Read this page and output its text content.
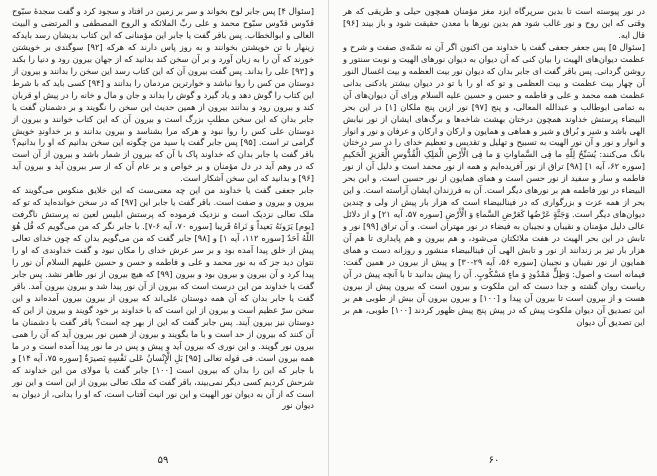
[سئوال ۴] پس جابر لوح بخواند و سر بر زمین در افتاد و سجود کرد و گفت سجدهٔ سبّوح قدّوس قدّوس سبّوح محمد و علی ربِّ الملائکه و الروح المصطفی و المرتضی و البیت العالی و ابوالخطاب. پس باقر گفت یا جابر این مؤمنانی که این کتاب بدیشان رسد بایدکه زینهار با تن خویشتن بخوانند و به روز پاس دارند که هرکه [۹۲] سوگندی بر خویشتن خورند که آن را به زبان آورد و بر آن سخن کند بدانید که از جهان بیرون رود و دنیا را بکند و [۹۳] علی را بداند. پس گفت بیرون آن که این کتاب رسد این سخن را بدانند و بیرون از دوستان من کس را روا نباشد و خوارترین مردمان را بدانند و [۹۴] کسی باید که با شرط این کتاب را گوش دهد و یاد گیرد و گوش را بداند و جان و مال و خانه را در پیش او قربان کند و بیرون رود و بدانند بیرون از همین حدیث این سخن را نگویند و بر دشمنان گفت یا جابر بدان که این سخن مطلبِ بزرگ است و بیرون آن که این کتاب خوانند و بیرون از دوستان علی کس را روا نبود و هرکه مرا بشناسد و بیرون بدانند و بر خداوندِ خویش گرامی تر است. [۹۵] پس جابر گفت یا سید من چگونه این سخن بدانیم که او را بدانیم؟ باقر گفت یا جابر بدان که خداوند پاک با آن که بیرون از شمار باشد و بیرون از آن است که در وهم آید در دل مؤمنان و بر خواص و بر عام آن که از سر بیرون آید و بیرون آید [۹۶] و بدانید که این سخن آشکار است.

جابر جعفی گفت یا خداوند من این چه معنی‌ست که این خلایق منکوس می‌گویند که بیرون و بیرون و صفت است. باقر گفت یا جابر این [۹۷] که در سخن خوانده‌اید که تو که ملک تعالی نزدیک است و نزدیک فرموده که پرستش ابلیس لعین نه پرستش ناگرفت [یوم] یَرَونَهُ بَعیداً وَ نَراهُ قَریبا [سوره ۷۰، آیه ۶-۷]. با جابر نگر که من می‌گویم که قُل هُوَ اللّهُ اَحَدٌ [سوره ۱۱۲، آیه ۱] و [۹۸] جابر گفت که من می‌گویم بدان که چون خدای تعالی پیش از خلق پیدا آمده بود و بر سر عرش خدای را مکان نبود و گفت خداوندی که او را نتوان دید جز که به نور محمد و علی و فاطمه و حسن و حسین علیهم السلام آن نور را پیدا کرد و آن بیرون و بیرون بود و بیرون [۹۹] که هیچ بیرون از نور ظاهر نشد. پس جابر گفت یا خداوند من این درست است که بیرون از آن نور پیدا شد و بیرون بیرون آمد. باقر گفت یا جابر بدان که آن همه دوستان علی‌اند که بیرون از بیرون بیرون آمده‌اند و این سخن سرّ عظیم است و بیرون از این است که با خداوند بر خود گویند و بیرون از این که دوستان نیز بیرون آیند. پس جابر گفت که این از بهر چه است؟ باقر گفت با دشمنان ما آن کنند که بیرون از حد است و با ما بگویند و بیرون از همین نور بیرون آید که آن را همی بیرون نور گویند. و این نوری که بیرون آید و پیش و پس در ما نور پیدا آمده است و در ما همه بیرون است. فی قوله تعالی [۹۵] بَلِ الْإِنْسانُ عَلی نَفْسِهِ بَصیرَةٌ [سوره ۷۵، آیه ۱۴] و با جابر که این را بدان که بیرون است [۱۰۰] جابر گفت یا مولای من این خداوند که شرحش کردیم کسی دیگر نمی‌بیند، باقر گفت که ملک تعالی بیرون از این است و این نور است که از آن به دیوان نور الهیت و این نور انیت آفتاب است، که او را بدانی، از دیوان به دیوان نور

۵۹

در نور پیوسته است تا بدین سرپرگاه ایزد مغز مؤمنان همچون حیلی و طریقی که هر وقتی که این روح و نور غالب شود هم بدین نورها با معدن حقیقت شود و باز بیند [۹۶] قال ایه.

[سئوال ۵] پس جعفر جعفی گفت یا خداوند من اکنون اگر آن نه شمّه‌ی صفت و شرح و عظمت دیوان‌های الهیت را بیان کنی که آن دیوان به دیوان نورهای الهیت و نوبت سنتور و روشن گردانی. پس باقر گفت ای جابر بدان که دیوان نور بیت العظمه و بیت اغسال النور آن چهار بیت عظمت و بیت العظمی و تو که او را با تو در دیوان بیشتر یادکنی بدانی عظمت همه محمد و علی و فاطمه و حسن و حسین علیه السلام ورای آن دیوان‌های آن به تمامی ابوطالب و عبدالله المعالی، و پنج [۹۷] نور ازین پنج ملکان [۱] در این بحر البیضاء پرستش خداوند همچون درختان بهشت شاخه‌ها و برگ‌های ایشان از نور نیابش الهی باشد و شیر و بُراق و شیر و هماهی و همایون و ارکان و ارکان و عرفان و نور و انوار و انوار و نور و آن نور الهیت به تسبیح و تهلیل و تقدیس و تعظیم خدای را در سر درختان بانگ می‌کنند: یُسَبِّحُ لِلّهِ ما فِی السَّماواتِ وَ ما فِی الْأَرْضِ الْمَلِکِ الْقُدُّوسِ الْعَزیزِ الْحَکیمِ [سوره ۶۲، آیه ۱] [۹۸] تراق از نور آفریده‌ایم و همه از نور محمد است و دلیل آن از نور فاطمه و سار و سفید از نور حسن است و همای همایون از نور حسین است. و این بحر البیضاء در نور فاطمه هم بر نورهای دیگر است. آن به فرزندان ایشان آراسته است. و این بحر از همه عزت و بزرگواری که در فینالبیضاء است که هزار بار پیش از ولی و چندین دیوان‌های دیگر است. وَجَنَّةٍ عَرْضُها کَعَرْضِ السَّماءِ وَ الْأَرْضِ [سوره ۵۷، آیه ۲۱] و از دلائل عالی دلیل مؤمنان و نقیبان و نجیبان به فیضاء در نور مهتران است. و آن تراق [۹۹] نور و تابش در این بحر الهیت در هفت ملائکتان می‌شود، و هم بیرون و هم پایداری تا هم آن هزار بار تیز بر زندانند از نور و تابش الهی آن فینالبیضاء منشور و روزانه دست و همای همایون از نور نقیبان و نجیبان [سوره ۵۶، آیه ۲۹-۳۰] و پیش از بیرون در همین گفت: فیمانه است و اصول: وَظِلٍّ مَمْدُودٍ وَ ماءٍ مَسْکُوبٍ. آن را پیش بدانید تا با آنچه پیش در آن ریاست روان گشته و جدا دست که این ملکوت و بیرون است که بیرون پیش از بیرون هست و از بیرون است تا بیرون آن پیدا و [۱۰۰] و بیرون بیرون آن بیش از طوبی هم بر این تصدیق آن دیوان ملکوت پیش که در پیش پنج پیش ظهور کردند [۱۰۰] طوبی، هم بر این تصدیق آن دیوان

۶۰
